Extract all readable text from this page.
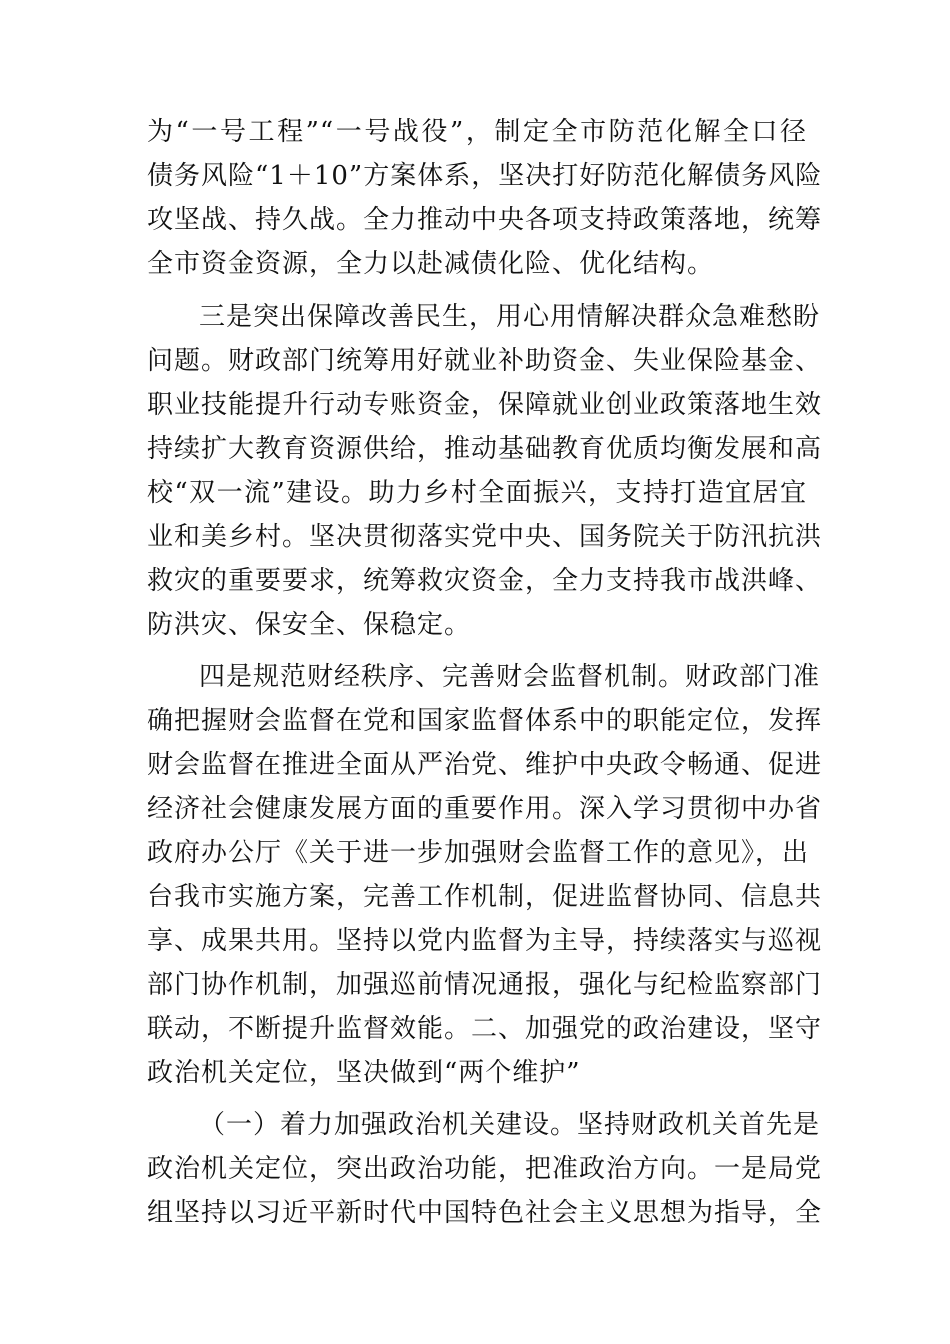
为“一号工程”“一号战役”，制定全市防范化解全口径
债务风险“1＋10”方案体系，坚决打好防范化解债务风险
攻坚战、持久战。全力推动中央各项支持政策落地，统筹
全市资金资源，全力以赴减债化险、优化结构。
三是突出保障改善民生，用心用情解决群众急难愁盼
问题。财政部门统筹用好就业补助资金、失业保险基金、
职业技能提升行动专账资金，保障就业创业政策落地生效
持续扩大教育资源供给，推动基础教育优质均衡发展和高
校“双一流”建设。助力乡村全面振兴，支持打造宜居宜
业和美乡村。坚决贯彻落实党中央、国务院关于防汛抗洪
救灾的重要要求，统筹救灾资金，全力支持我市战洪峰、
防洪灾、保安全、保稳定。
四是规范财经秩序、完善财会监督机制。财政部门准
确把握财会监督在党和国家监督体系中的职能定位，发挥
财会监督在推进全面从严治党、维护中央政令畅通、促进
经济社会健康发展方面的重要作用。深入学习贯彻中办省
政府办公厅《关于进一步加强财会监督工作的意见》，出
台我市实施方案，完善工作机制，促进监督协同、信息共
享、成果共用。坚持以党内监督为主导，持续落实与巡视
部门协作机制，加强巡前情况通报，强化与纪检监察部门
联动，不断提升监督效能。二、加强党的政治建设，坚守
政治机关定位，坚决做到“两个维护”
（一）着力加强政治机关建设。坚持财政机关首先是
政治机关定位，突出政治功能，把准政治方向。一是局党
组坚持以习近平新时代中国特色社会主义思想为指导，全
